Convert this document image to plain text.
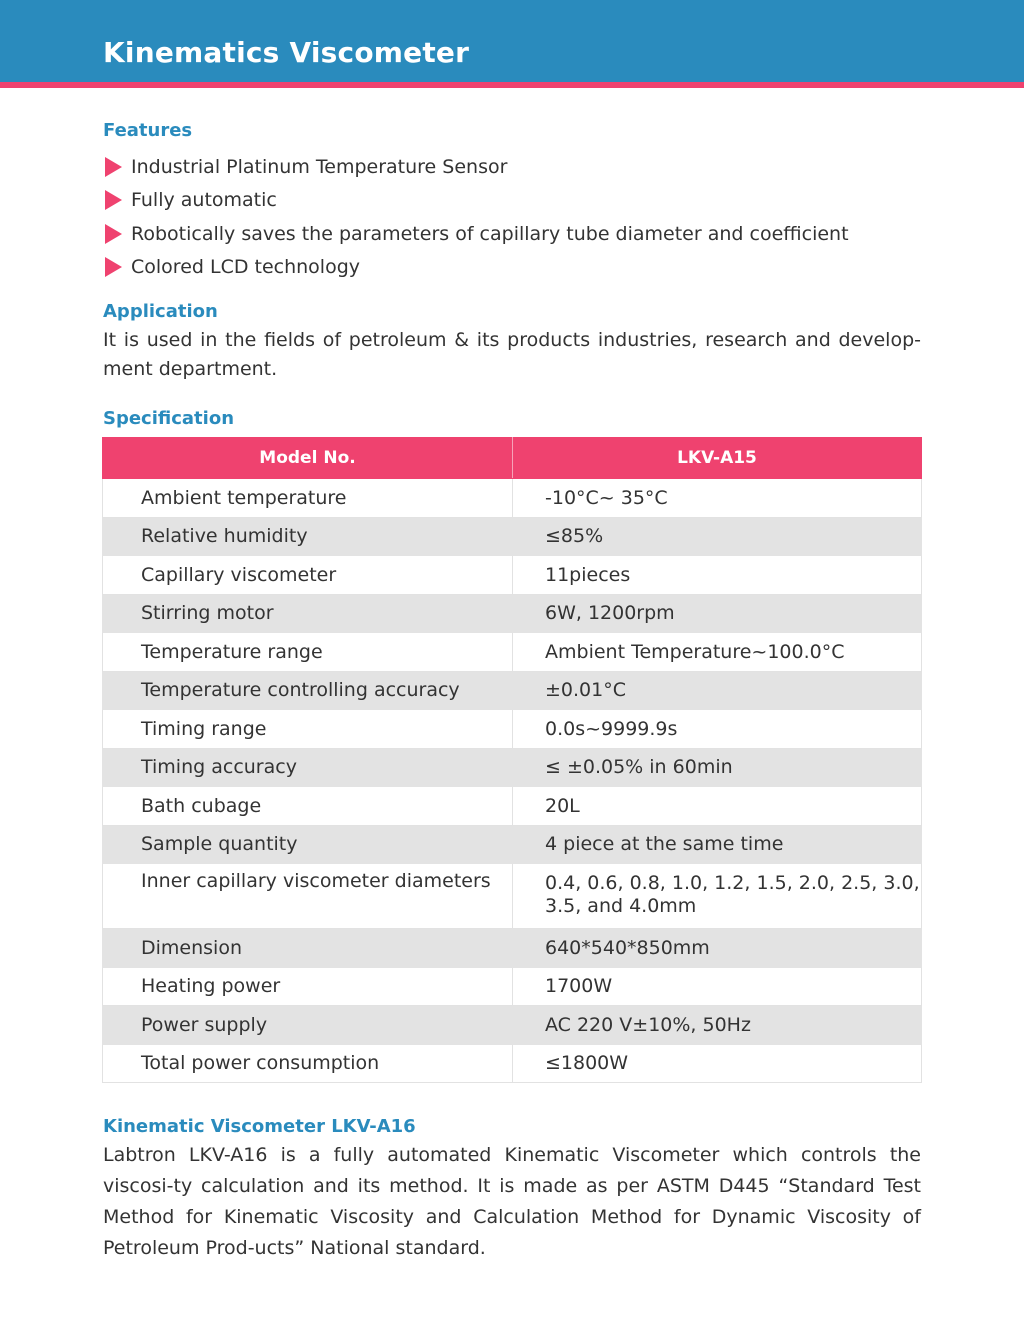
Kinematics Viscometer
Features
Industrial Platinum Temperature Sensor
Fully automatic
Robotically saves the parameters of capillary tube diameter and coefficient
Colored LCD technology
Application

It is used in the fields of petroleum & its products industries, research and develop-ment department.

Specification
Model No.	LKV-A15
Ambient temperature	-10°C~ 35°C
Relative humidity	≤85%
Capillary viscometer	11pieces
Stirring motor	6W, 1200rpm
Temperature range	Ambient Temperature~100.0°C
Temperature controlling accuracy	±0.01°C
Timing range	0.0s~9999.9s
Timing accuracy	≤ ±0.05% in 60min
Bath cubage	20L
Sample quantity	4 piece at the same time
Inner capillary viscometer diameters	0.4, 0.6, 0.8, 1.0, 1.2, 1.5, 2.0, 2.5, 3.0, 3.5, and 4.0mm
Dimension	640*540*850mm
Heating power	1700W
Power supply	AC 220 V±10%, 50Hz
Total power consumption	≤1800W
Kinematic Viscometer LKV-A16

Labtron LKV-A16 is a fully automated Kinematic Viscometer which controls the viscosi-ty calculation and its method. It is made as per ASTM D445 “Standard Test Method for Kinematic Viscosity and Calculation Method for Dynamic Viscosity of Petroleum Prod-ucts” National standard.
